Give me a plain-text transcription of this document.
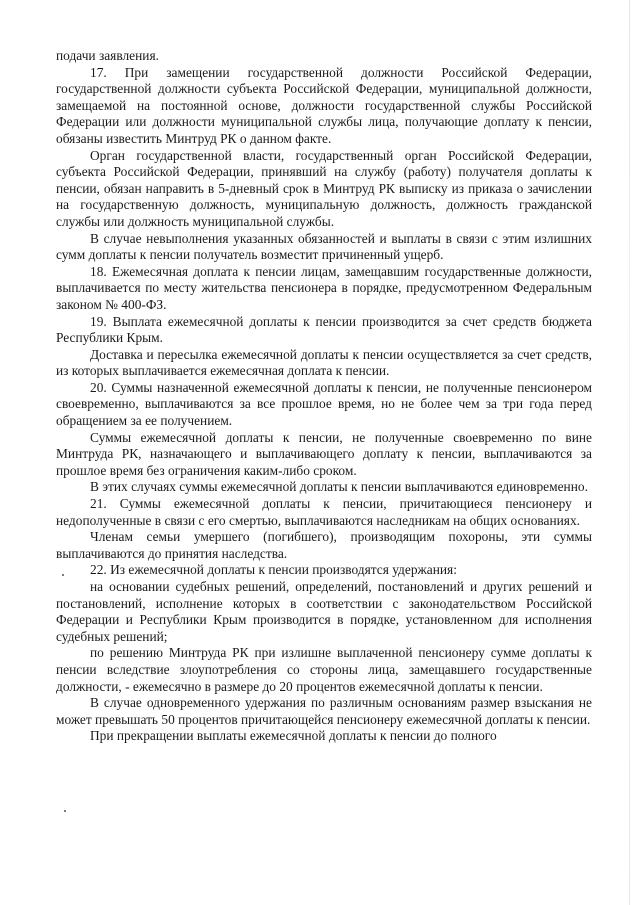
подачи заявления.

17. При замещении государственной должности Российской Федерации, государственной должности субъекта Российской Федерации, муниципальной должности, замещаемой на постоянной основе, должности государственной службы Российской Федерации или должности муниципальной службы лица, получающие доплату к пенсии, обязаны известить Минтруд РК о данном факте.

Орган государственной власти, государственный орган Российской Федерации, субъекта Российской Федерации, принявший на службу (работу) получателя доплаты к пенсии, обязан направить в 5-дневный срок в Минтруд РК выписку из приказа о зачислении на государственную должность, муниципальную должность, должность гражданской службы или должность муниципальной службы.

В случае невыполнения указанных обязанностей и выплаты в связи с этим излишних сумм доплаты к пенсии получатель возместит причиненный ущерб.

18. Ежемесячная доплата к пенсии лицам, замещавшим государственные должности, выплачивается по месту жительства пенсионера в порядке, предусмотренном Федеральным законом № 400-ФЗ.

19. Выплата ежемесячной доплаты к пенсии производится за счет средств бюджета Республики Крым.

Доставка и пересылка ежемесячной доплаты к пенсии осуществляется за счет средств, из которых выплачивается ежемесячная доплата к пенсии.

20. Суммы назначенной ежемесячной доплаты к пенсии, не полученные пенсионером своевременно, выплачиваются за все прошлое время, но не более чем за три года перед обращением за ее получением.

Суммы ежемесячной доплаты к пенсии, не полученные своевременно по вине Минтруда РК, назначающего и выплачивающего доплату к пенсии, выплачиваются за прошлое время без ограничения каким-либо сроком.

В этих случаях суммы ежемесячной доплаты к пенсии выплачиваются единовременно.

21. Суммы ежемесячной доплаты к пенсии, причитающиеся пенсионеру и недополученные в связи с его смертью, выплачиваются наследникам на общих основаниях.

Членам семьи умершего (погибшего), производящим похороны, эти суммы выплачиваются до принятия наследства.

22. Из ежемесячной доплаты к пенсии производятся удержания:

на основании судебных решений, определений, постановлений и других решений и постановлений, исполнение которых в соответствии с законодательством Российской Федерации и Республики Крым производится в порядке, установленном для исполнения судебных решений;

по решению Минтруда РК при излишне выплаченной пенсионеру сумме доплаты к пенсии вследствие злоупотребления со стороны лица, замещавшего государственные должности, - ежемесячно в размере до 20 процентов ежемесячной доплаты к пенсии.

В случае одновременного удержания по различным основаниям размер взыскания не может превышать 50 процентов причитающейся пенсионеру ежемесячной доплаты к пенсии.

При прекращении выплаты ежемесячной доплаты к пенсии до полного
